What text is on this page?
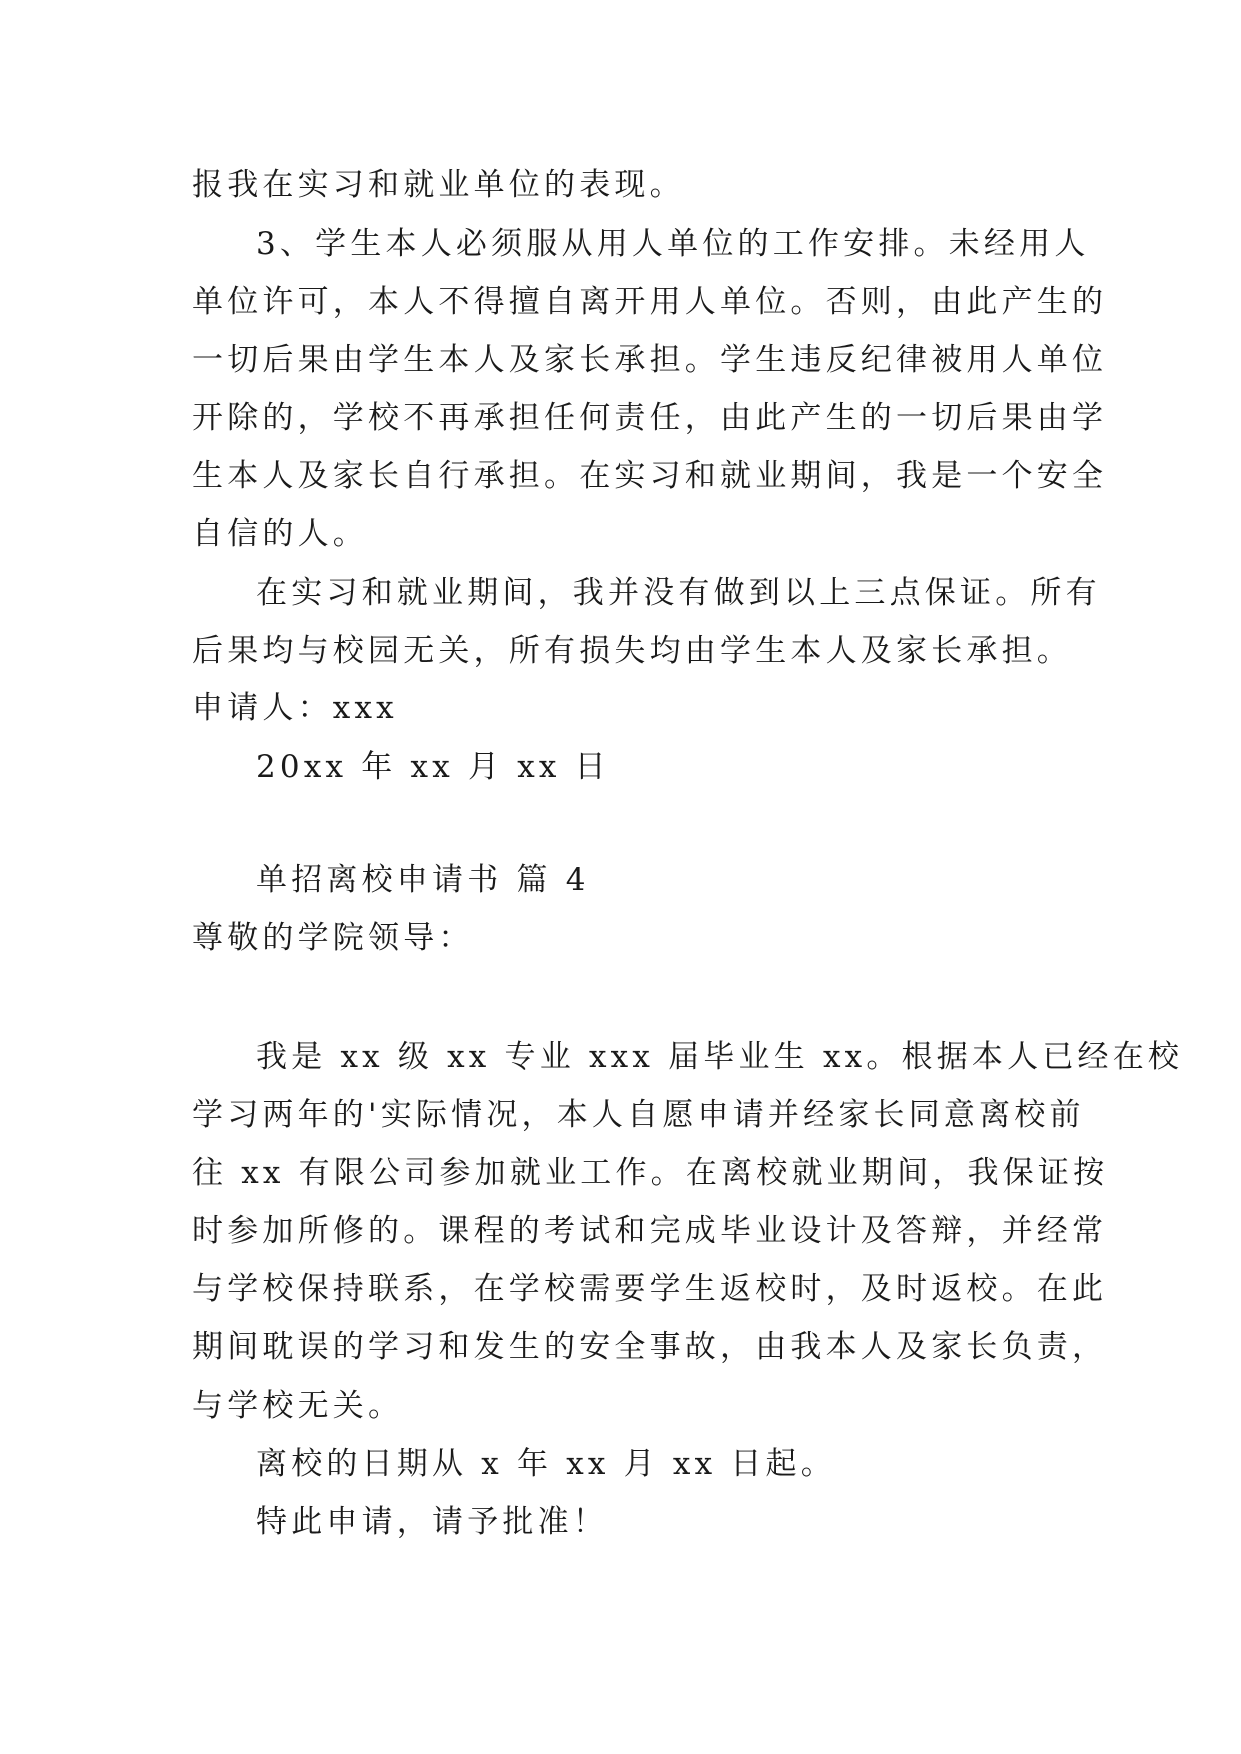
报我在实习和就业单位的表现。
3、学生本人必须服从用人单位的工作安排。未经用人
单位许可，本人不得擅自离开用人单位。否则，由此产生的
一切后果由学生本人及家长承担。学生违反纪律被用人单位
开除的，学校不再承担任何责任，由此产生的一切后果由学
生本人及家长自行承担。在实习和就业期间，我是一个安全
自信的人。
在实习和就业期间，我并没有做到以上三点保证。所有
后果均与校园无关，所有损失均由学生本人及家长承担。
申请人：xxx
20xx 年 xx 月 xx 日
单招离校申请书 篇 4
尊敬的学院领导：
我是 xx 级 xx 专业 xxx 届毕业生 xx。根据本人已经在校
学习两年的'实际情况，本人自愿申请并经家长同意离校前
往 xx 有限公司参加就业工作。在离校就业期间，我保证按
时参加所修的。课程的考试和完成毕业设计及答辩，并经常
与学校保持联系，在学校需要学生返校时，及时返校。在此
期间耽误的学习和发生的安全事故，由我本人及家长负责，
与学校无关。
离校的日期从 x 年 xx 月 xx 日起。
特此申请，请予批准！
